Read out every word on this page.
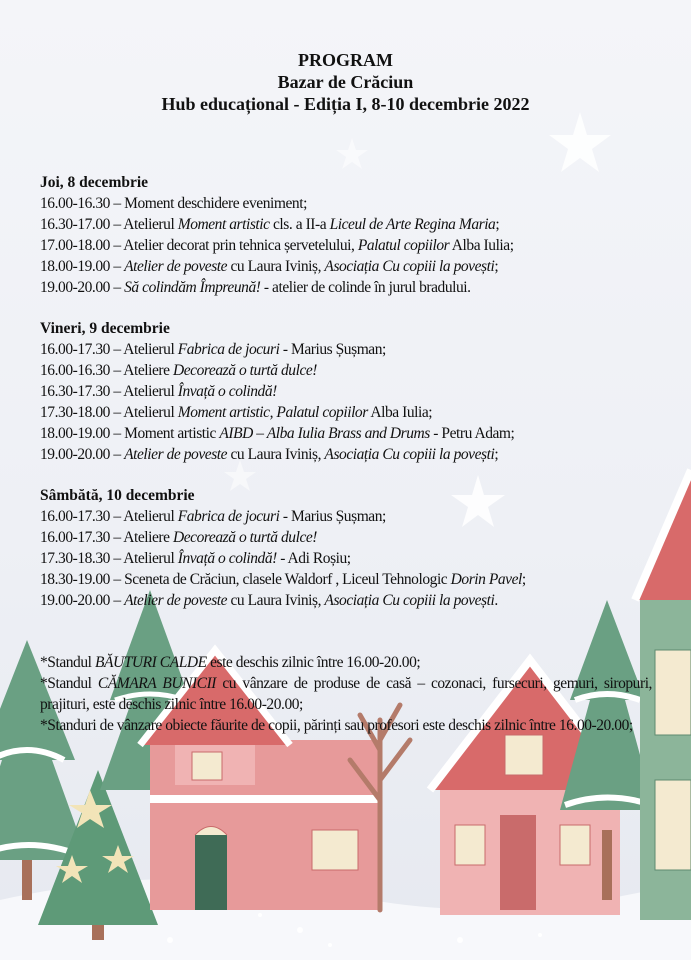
PROGRAM
Bazar de Crăciun
Hub educațional - Ediția I, 8-10 decembrie 2022
Joi, 8 decembrie
16.00-16.30 – Moment deschidere eveniment;
16.30-17.00 – Atelierul Moment artistic cls. a II-a Liceul de Arte Regina Maria;
17.00-18.00 – Atelier decorat prin tehnica șervetelului, Palatul copiilor Alba Iulia;
18.00-19.00 – Atelier de poveste cu Laura Iviniș, Asociația Cu copiii la povești;
19.00-20.00 – Să colindăm Împreună! - atelier de colinde în jurul bradului.
Vineri, 9 decembrie
16.00-17.30 – Atelierul Fabrica de jocuri - Marius Șușman;
16.00-16.30 – Ateliere Decorează o turtă dulce!
16.30-17.30 – Atelierul Învață o colindă!
17.30-18.00 – Atelierul Moment artistic, Palatul copiilor Alba Iulia;
18.00-19.00 – Moment artistic AIBD – Alba Iulia Brass and Drums - Petru Adam;
19.00-20.00 – Atelier de poveste cu Laura Iviniș, Asociația Cu copiii la povești;
Sâmbătă, 10 decembrie
16.00-17.30 – Atelierul Fabrica de jocuri - Marius Șușman;
16.00-17.30 – Ateliere Decorează o turtă dulce!
17.30-18.30 – Atelierul Învață o colindă! - Adi Roșiu;
18.30-19.00 – Sceneta de Crăciun, clasele Waldorf , Liceul Tehnologic Dorin Pavel;
19.00-20.00 – Atelier de poveste cu Laura Iviniș, Asociația Cu copiii la povești.
*Standul BĂUTURI CALDE este deschis zilnic între 16.00-20.00;
*Standul CĂMARA BUNICII cu vânzare de produse de casă – cozonaci, fursecuri, gemuri, siropuri, prajituri, este deschis zilnic între 16.00-20.00;
*Standuri de vânzare obiecte făurite de copii, părinți sau profesori este deschis zilnic între 16.00-20.00;
